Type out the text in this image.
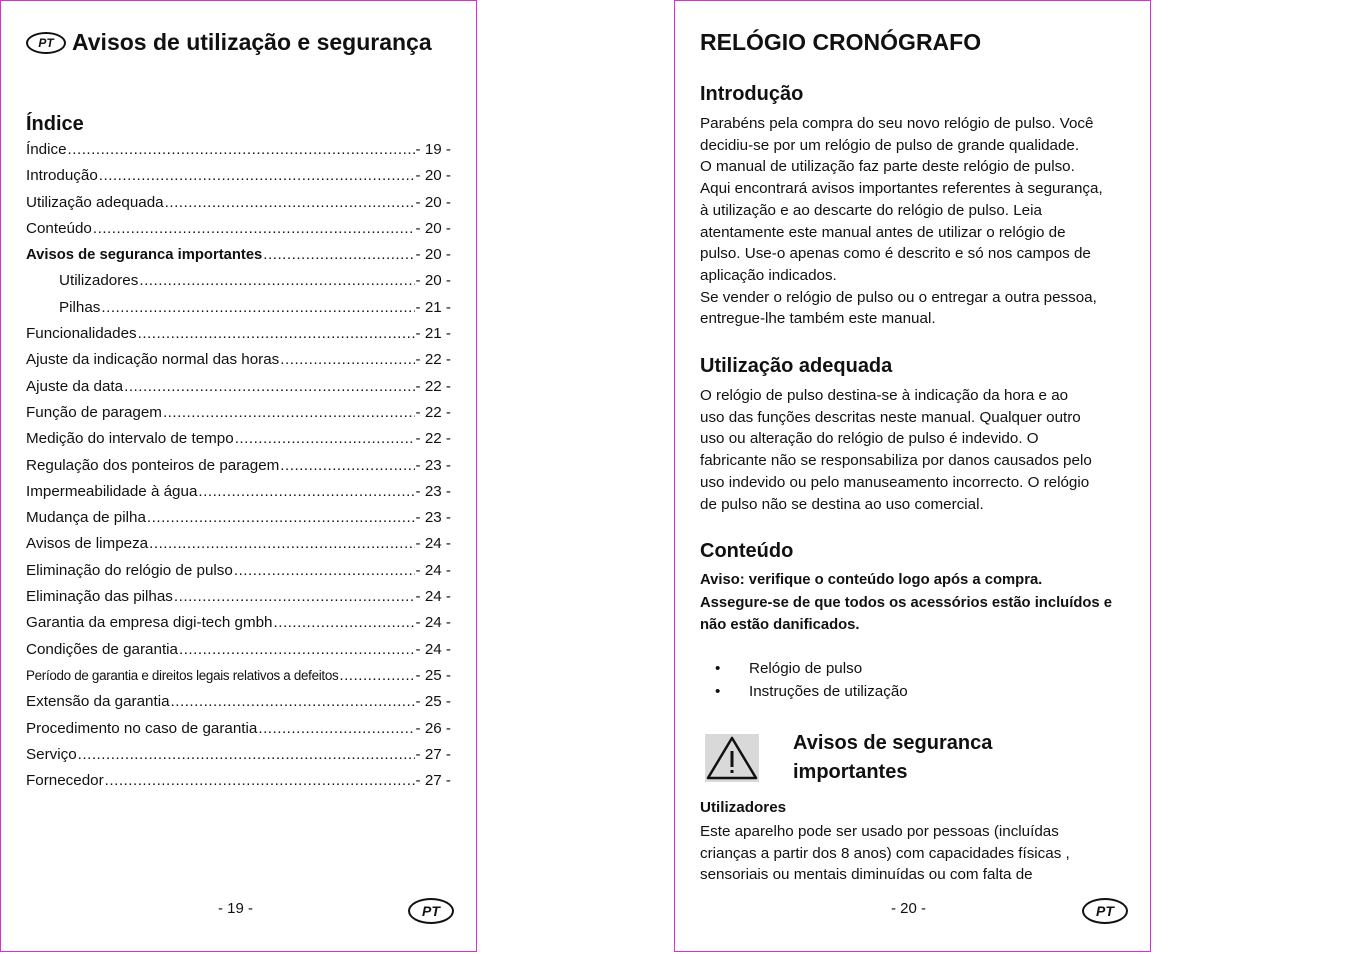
PT Avisos de utilização e segurança
Índice
Índice .....	- 19 -
Introdução .....	- 20 -
Utilização adequada .....	- 20 -
Conteúdo .....	- 20 -
Avisos de seguranca importantes .....	- 20 -
Utilizadores .....	- 20 -
Pilhas .....	- 21 -
Funcionalidades .....	- 21 -
Ajuste da indicação normal das horas .....	- 22 -
Ajuste da data .....	- 22 -
Função de paragem .....	- 22 -
Medição do intervalo de tempo .....	- 22 -
Regulação dos ponteiros de paragem .....	- 23 -
Impermeabilidade à água .....	- 23 -
Mudança de pilha .....	- 23 -
Avisos de limpeza .....	- 24 -
Eliminação do relógio de pulso .....	- 24 -
Eliminação das pilhas .....	- 24 -
Garantia da empresa digi-tech gmbh .....	- 24 -
Condições de garantia .....	- 24 -
Período de garantia e direitos legais relativos a defeitos .....	- 25 -
Extensão da garantia .....	- 25 -
Procedimento no caso de garantia .....	- 26 -
Serviço .....	- 27 -
Fornecedor .....	- 27 -
- 19 -	PT
RELÓGIO CRONÓGRAFO
Introdução
Parabéns pela compra do seu novo relógio de pulso. Você
decidiu-se por um relógio de pulso de grande qualidade.
O manual de utilização faz parte deste relógio de pulso.
Aqui encontrará avisos importantes referentes à segurança,
à utilização e ao descarte do relógio de pulso. Leia
atentamente este manual antes de utilizar o relógio de
pulso. Use-o apenas como é descrito e só nos campos de
aplicação indicados.
Se vender o relógio de pulso ou o entregar a outra pessoa,
entregue-lhe também este manual.
Utilização adequada
O relógio de pulso destina-se à indicação da hora e ao
uso das funções descritas neste manual. Qualquer outro
uso ou alteração do relógio de pulso é indevido. O
fabricante não se responsabiliza por danos causados pelo
uso indevido ou pelo manuseamento incorrecto. O relógio
de pulso não se destina ao uso comercial.
Conteúdo
Aviso: verifique o conteúdo logo após a compra.
Assegure-se de que todos os acessórios estão incluídos e
não estão danificados.
• Relógio de pulso
• Instruções de utilização
Avisos de seguranca
importantes
Utilizadores
Este aparelho pode ser usado por pessoas (incluídas
crianças a partir dos 8 anos) com capacidades físicas ,
sensoriais ou mentais diminuídas ou com falta de
- 20 -	PT
